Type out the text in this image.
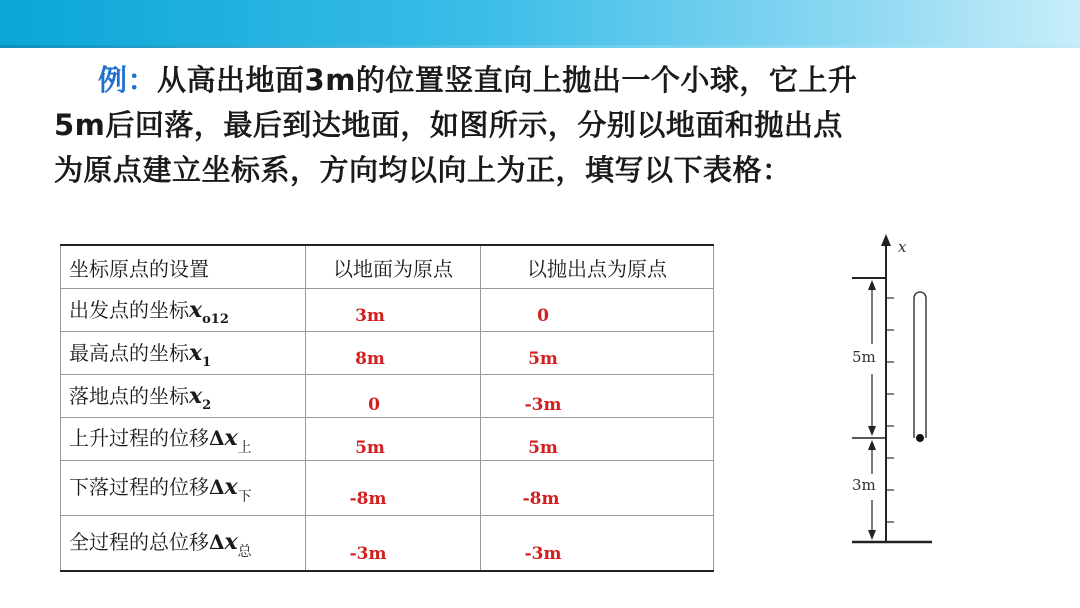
例：从高出地面3m的位置竖直向上抛出一个小球，它上升
5m后回落，最后到达地面，如图所示，分别以地面和抛出点
为原点建立坐标系，方向均以向上为正，填写以下表格：
坐标原点的设置	以地面为原点	以抛出点为原点
出发点的坐标$x_{o12}$	3m	0
最高点的坐标$x_1$	8m	5m
落地点的坐标$x_2$	0	-3m
上升过程的位移$\Delta x_上$	5m	5m
下落过程的位移$\Delta x_下$	-8m	-8m
全过程的总位移$\Delta x_总$	-3m	-3m
x
5m
3m
